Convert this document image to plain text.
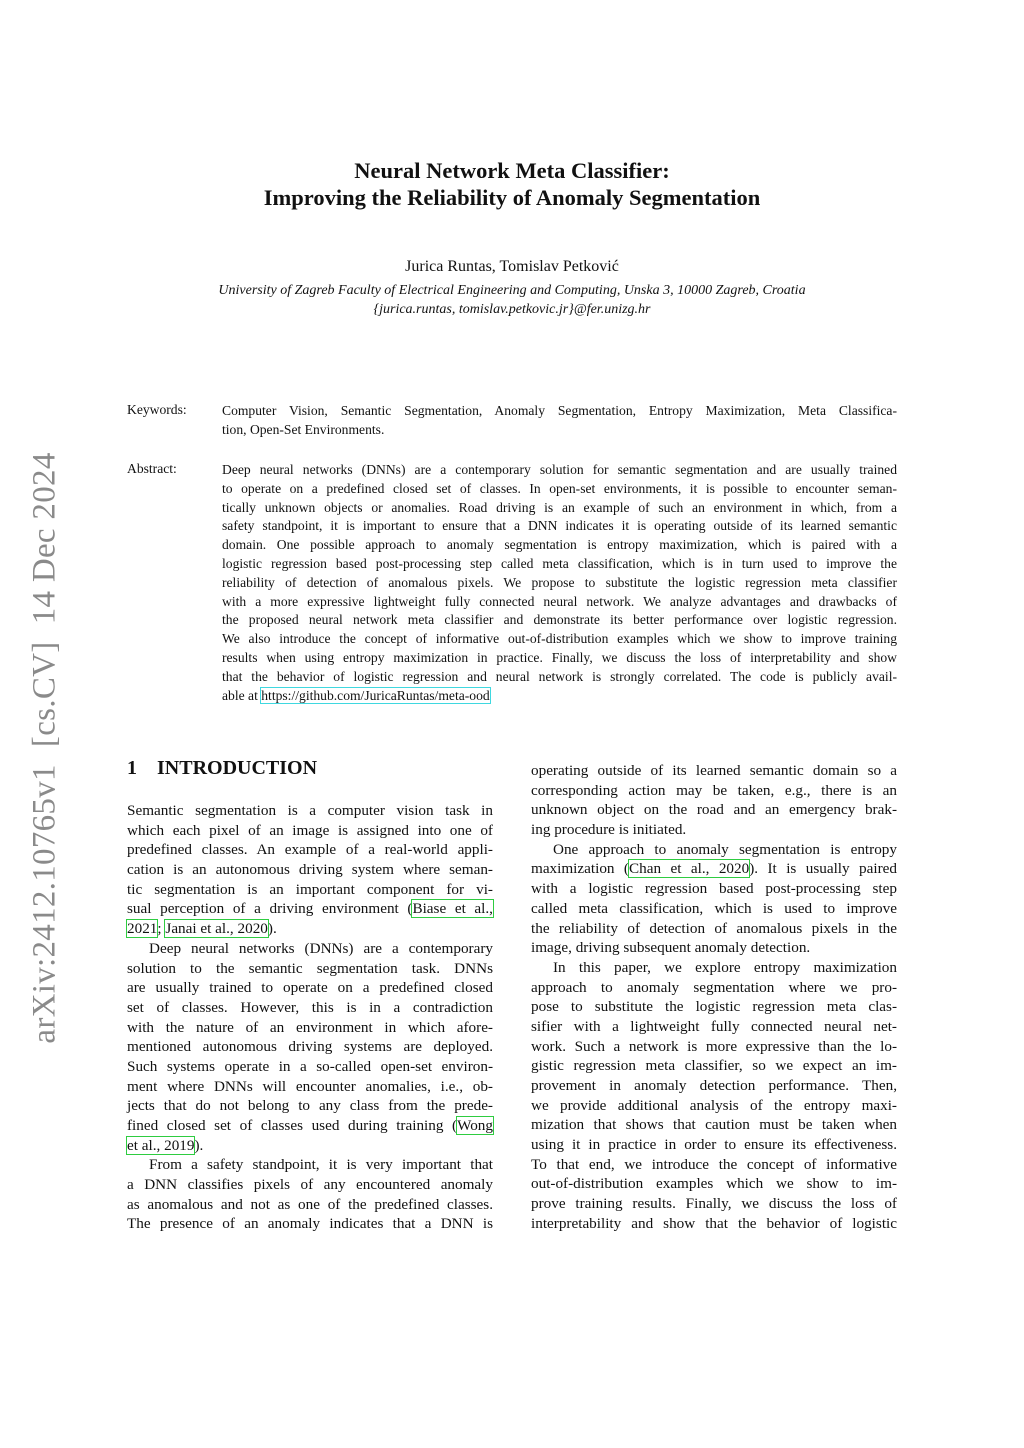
arXiv:2412.10765v1  [cs.CV]  14 Dec 2024
Neural Network Meta Classifier:
Improving the Reliability of Anomaly Segmentation
Jurica Runtas, Tomislav Petković
University of Zagreb Faculty of Electrical Engineering and Computing, Unska 3, 10000 Zagreb, Croatia
{jurica.runtas, tomislav.petkovic.jr}@fer.unizg.hr
Keywords:	Computer Vision, Semantic Segmentation, Anomaly Segmentation, Entropy Maximization, Meta Classifica-
tion, Open-Set Environments.
Abstract:	Deep neural networks (DNNs) are a contemporary solution for semantic segmentation and are usually trained
to operate on a predefined closed set of classes. In open-set environments, it is possible to encounter seman-
tically unknown objects or anomalies. Road driving is an example of such an environment in which, from a
safety standpoint, it is important to ensure that a DNN indicates it is operating outside of its learned semantic
domain. One possible approach to anomaly segmentation is entropy maximization, which is paired with a
logistic regression based post-processing step called meta classification, which is in turn used to improve the
reliability of detection of anomalous pixels. We propose to substitute the logistic regression meta classifier
with a more expressive lightweight fully connected neural network. We analyze advantages and drawbacks of
the proposed neural network meta classifier and demonstrate its better performance over logistic regression.
We also introduce the concept of informative out-of-distribution examples which we show to improve training
results when using entropy maximization in practice. Finally, we discuss the loss of interpretability and show
that the behavior of logistic regression and neural network is strongly correlated. The code is publicly avail-
able at https://github.com/JuricaRuntas/meta-ood
1 INTRODUCTION
Semantic segmentation is a computer vision task in
which each pixel of an image is assigned into one of
predefined classes. An example of a real-world appli-
cation is an autonomous driving system where seman-
tic segmentation is an important component for vi-
sual perception of a driving environment (Biase et al.,
2021; Janai et al., 2020).
Deep neural networks (DNNs) are a contemporary
solution to the semantic segmentation task. DNNs
are usually trained to operate on a predefined closed
set of classes. However, this is in a contradiction
with the nature of an environment in which afore-
mentioned autonomous driving systems are deployed.
Such systems operate in a so-called open-set environ-
ment where DNNs will encounter anomalies, i.e., ob-
jects that do not belong to any class from the prede-
fined closed set of classes used during training (Wong
et al., 2019).
From a safety standpoint, it is very important that
a DNN classifies pixels of any encountered anomaly
as anomalous and not as one of the predefined classes.
The presence of an anomaly indicates that a DNN is
operating outside of its learned semantic domain so a
corresponding action may be taken, e.g., there is an
unknown object on the road and an emergency brak-
ing procedure is initiated.
One approach to anomaly segmentation is entropy
maximization (Chan et al., 2020). It is usually paired
with a logistic regression based post-processing step
called meta classification, which is used to improve
the reliability of detection of anomalous pixels in the
image, driving subsequent anomaly detection.
In this paper, we explore entropy maximization
approach to anomaly segmentation where we pro-
pose to substitute the logistic regression meta clas-
sifier with a lightweight fully connected neural net-
work. Such a network is more expressive than the lo-
gistic regression meta classifier, so we expect an im-
provement in anomaly detection performance. Then,
we provide additional analysis of the entropy maxi-
mization that shows that caution must be taken when
using it in practice in order to ensure its effectiveness.
To that end, we introduce the concept of informative
out-of-distribution examples which we show to im-
prove training results. Finally, we discuss the loss of
interpretability and show that the behavior of logistic
